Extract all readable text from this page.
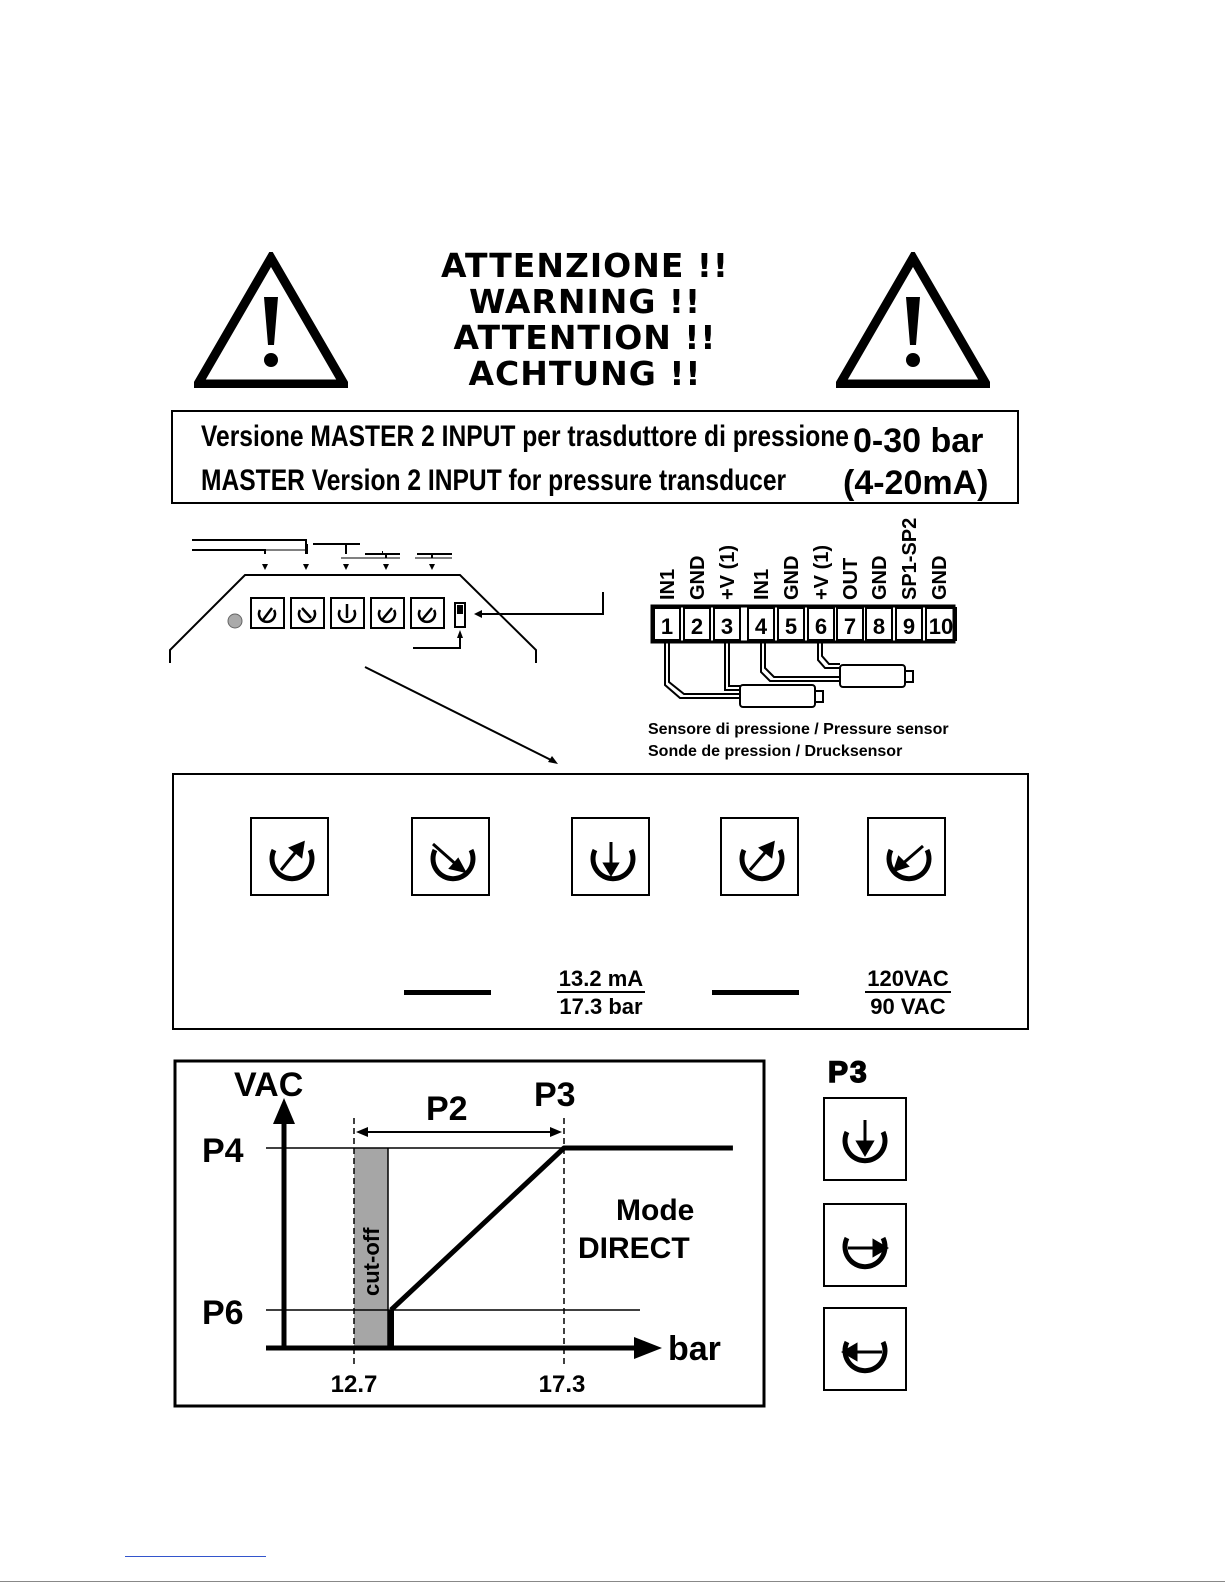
ATTENZIONE !!
WARNING !!
ATTENTION !!
ACHTUNG !!
Versione MASTER 2 INPUT per trasduttore di pressione
MASTER Version 2 INPUT for pressure transducer
0-30 bar
(4-20mA)
IN1 GND +V (1) IN1 GND +V (1) OUT GND SP1-SP2 GND
1 2 3 4 5 6 7 8 9 10
Sensore di pressione / Pressure sensor
Sonde de pression / Drucksensor
13.2 mA
17.3 bar
120VAC
90 VAC
VAC
bar
P4
P6
P2 P3
12.7	17.3
Mode
DIRECT
cut-off
P3
